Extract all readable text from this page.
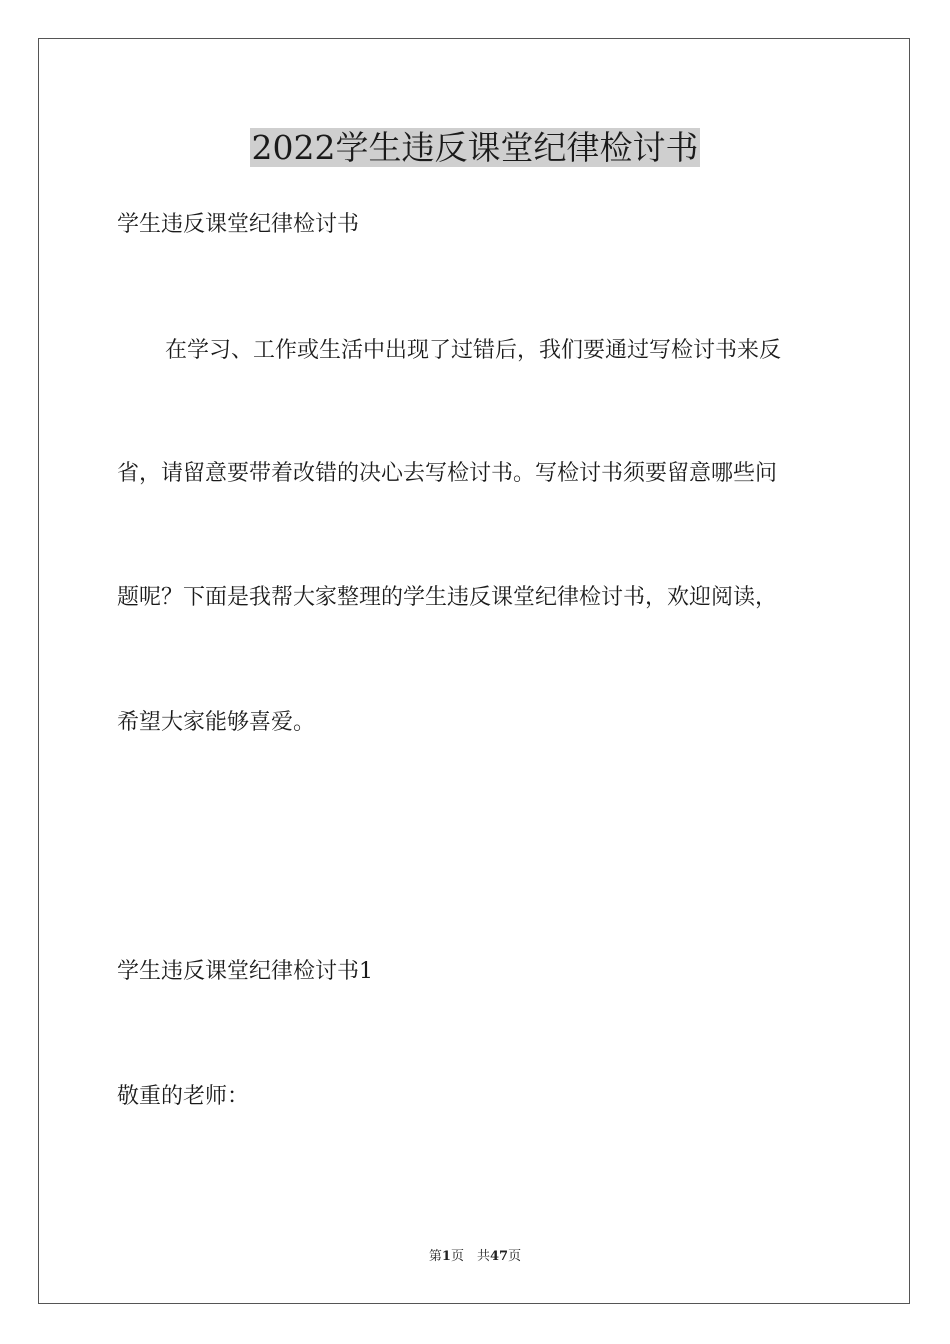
2022学生违反课堂纪律检讨书

学生违反课堂纪律检讨书

在学习、工作或生活中出现了过错后，我们要通过写检讨书来反

省，请留意要带着改错的决心去写检讨书。写检讨书须要留意哪些问

题呢？下面是我帮大家整理的学生违反课堂纪律检讨书，欢迎阅读，

希望大家能够喜爱。

学生违反课堂纪律检讨书1

敬重的老师：

第1页　共47页
